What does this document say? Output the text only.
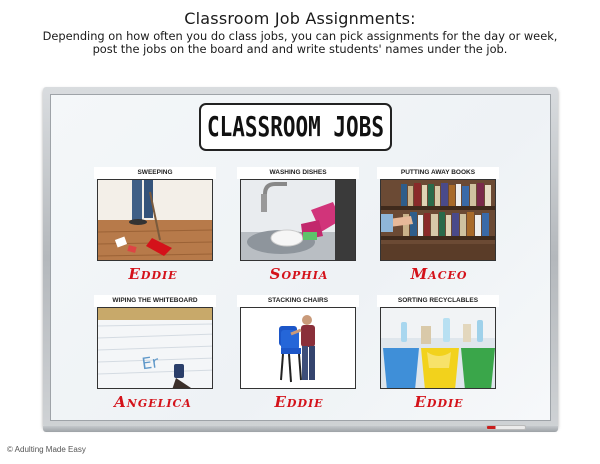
Classroom Job Assignments:
Depending on how often you do class jobs, you can pick assignments for the day or week, post the jobs on the board and and write students' names under the job.
CLASSROOM JOBS
SWEEPING
Eddie
WASHING DISHES
Sophia
PUTTING AWAY BOOKS
Maceo
WIPING THE WHITEBOARD
Er
Angelica
STACKING CHAIRS
Eddie
SORTING RECYCLABLES
Eddie
© Adulting Made Easy
